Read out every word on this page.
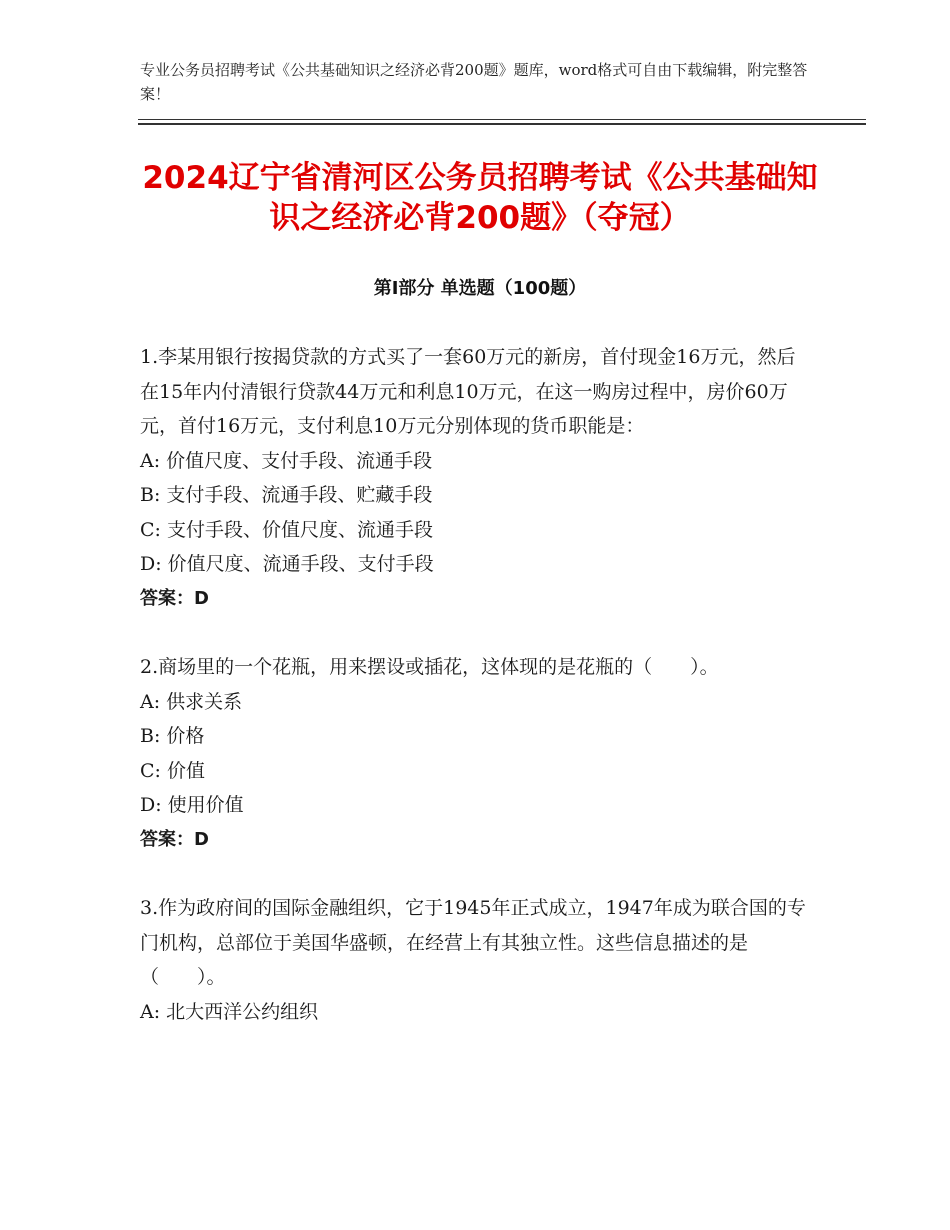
专业公务员招聘考试《公共基础知识之经济必背200题》题库，word格式可自由下载编辑，附完整答案！
2024辽宁省清河区公务员招聘考试《公共基础知识之经济必背200题》（夺冠）
第Ⅰ部分 单选题（100题）

1.李某用银行按揭贷款的方式买了一套60万元的新房，首付现金16万元，然后在15年内付清银行贷款44万元和利息10万元，在这一购房过程中，房价60万元，首付16万元，支付利息10万元分别体现的货币职能是：

A: 价值尺度、支付手段、流通手段

B: 支付手段、流通手段、贮藏手段

C: 支付手段、价值尺度、流通手段

D: 价值尺度、流通手段、支付手段

答案：D

2.商场里的一个花瓶，用来摆设或插花，这体现的是花瓶的（　　）。

A: 供求关系

B: 价格

C: 价值

D: 使用价值

答案：D

3.作为政府间的国际金融组织，它于1945年正式成立，1947年成为联合国的专门机构，总部位于美国华盛顿，在经营上有其独立性。这些信息描述的是（　　）。

A: 北大西洋公约组织
